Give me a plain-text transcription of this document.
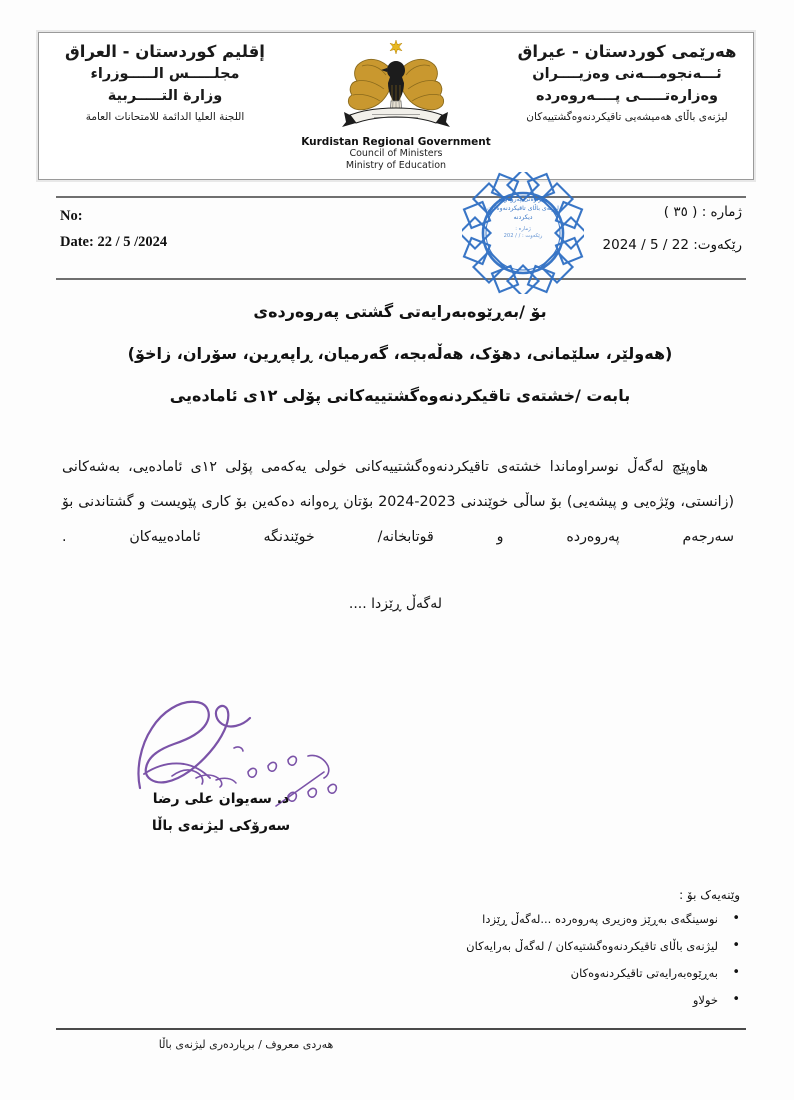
إقليم كوردستان - العراق
مجلـــــس الـــــوزراء
وزارة التـــــربية
اللجنة العليا الدائمة للامتحانات العامة
Kurdistan Regional Government
Council of Ministers
Ministry of Education
هەرێمی کوردستان - عیراق
ئـــەنجومـــەنی وەزیــــران
وەزارەتـــــی پــــەروەردە
لیژنەی باڵای هەمیشەیی تاقیکردنەوەگشتییەکان
No:
Date: 22 / 5 /2024
ژماره : ( ٣٥ )
رێكەوت: 22 / 5 / 2024
وەزارەتی پەروەردە
لیژنەی باڵای تاقیکردنەوەکان
دیکردنە
ژماره :
رێكەوت : / / 202
بۆ /بەڕێوەبەرایەتی گشتی پەروەردەی
(هەولێر، سلێمانی، دهۆک، هەڵەبجە، گەرمیان، ڕاپەڕین، سۆران، زاخۆ)
بابەت /خشتەی تاقیکردنەوەگشتییەکانی پۆلی ١٢ی ئامادەیی
هاوپێچ لەگەڵ نوسراوماندا خشتەی تاقیکردنەوەگشتییەکانی خولی یەکەمی پۆلی ١٢ی ئامادەیی، بەشەکانی (زانستی، وێژەیی و پیشەیی) بۆ ساڵی خوێندنی 2023-2024 بۆتان ڕەوانە دەکەین بۆ کاری پێویست و گشتاندنی بۆ سەرجەم پەروەردە و قوتابخانە/ خوێندنگە ئامادەییەکان .
لەگەڵ ڕێزدا ....
د. سەیوان علی رضا
سەرۆکی لیژنەی باڵا
وێنەیەک بۆ :
• نوسینگەی بەڕێز وەزیری پەروەردە ...لەگەڵ ڕێزدا
• لیژنەی باڵای تاقیکردنەوەگشتیەکان / لەگەڵ بەرایەکان
• بەڕێوەبەرایەتی تاقیکردنەوەکان
• خولاو
هەردی معروف / بریاردەری لیژنەی باڵا
